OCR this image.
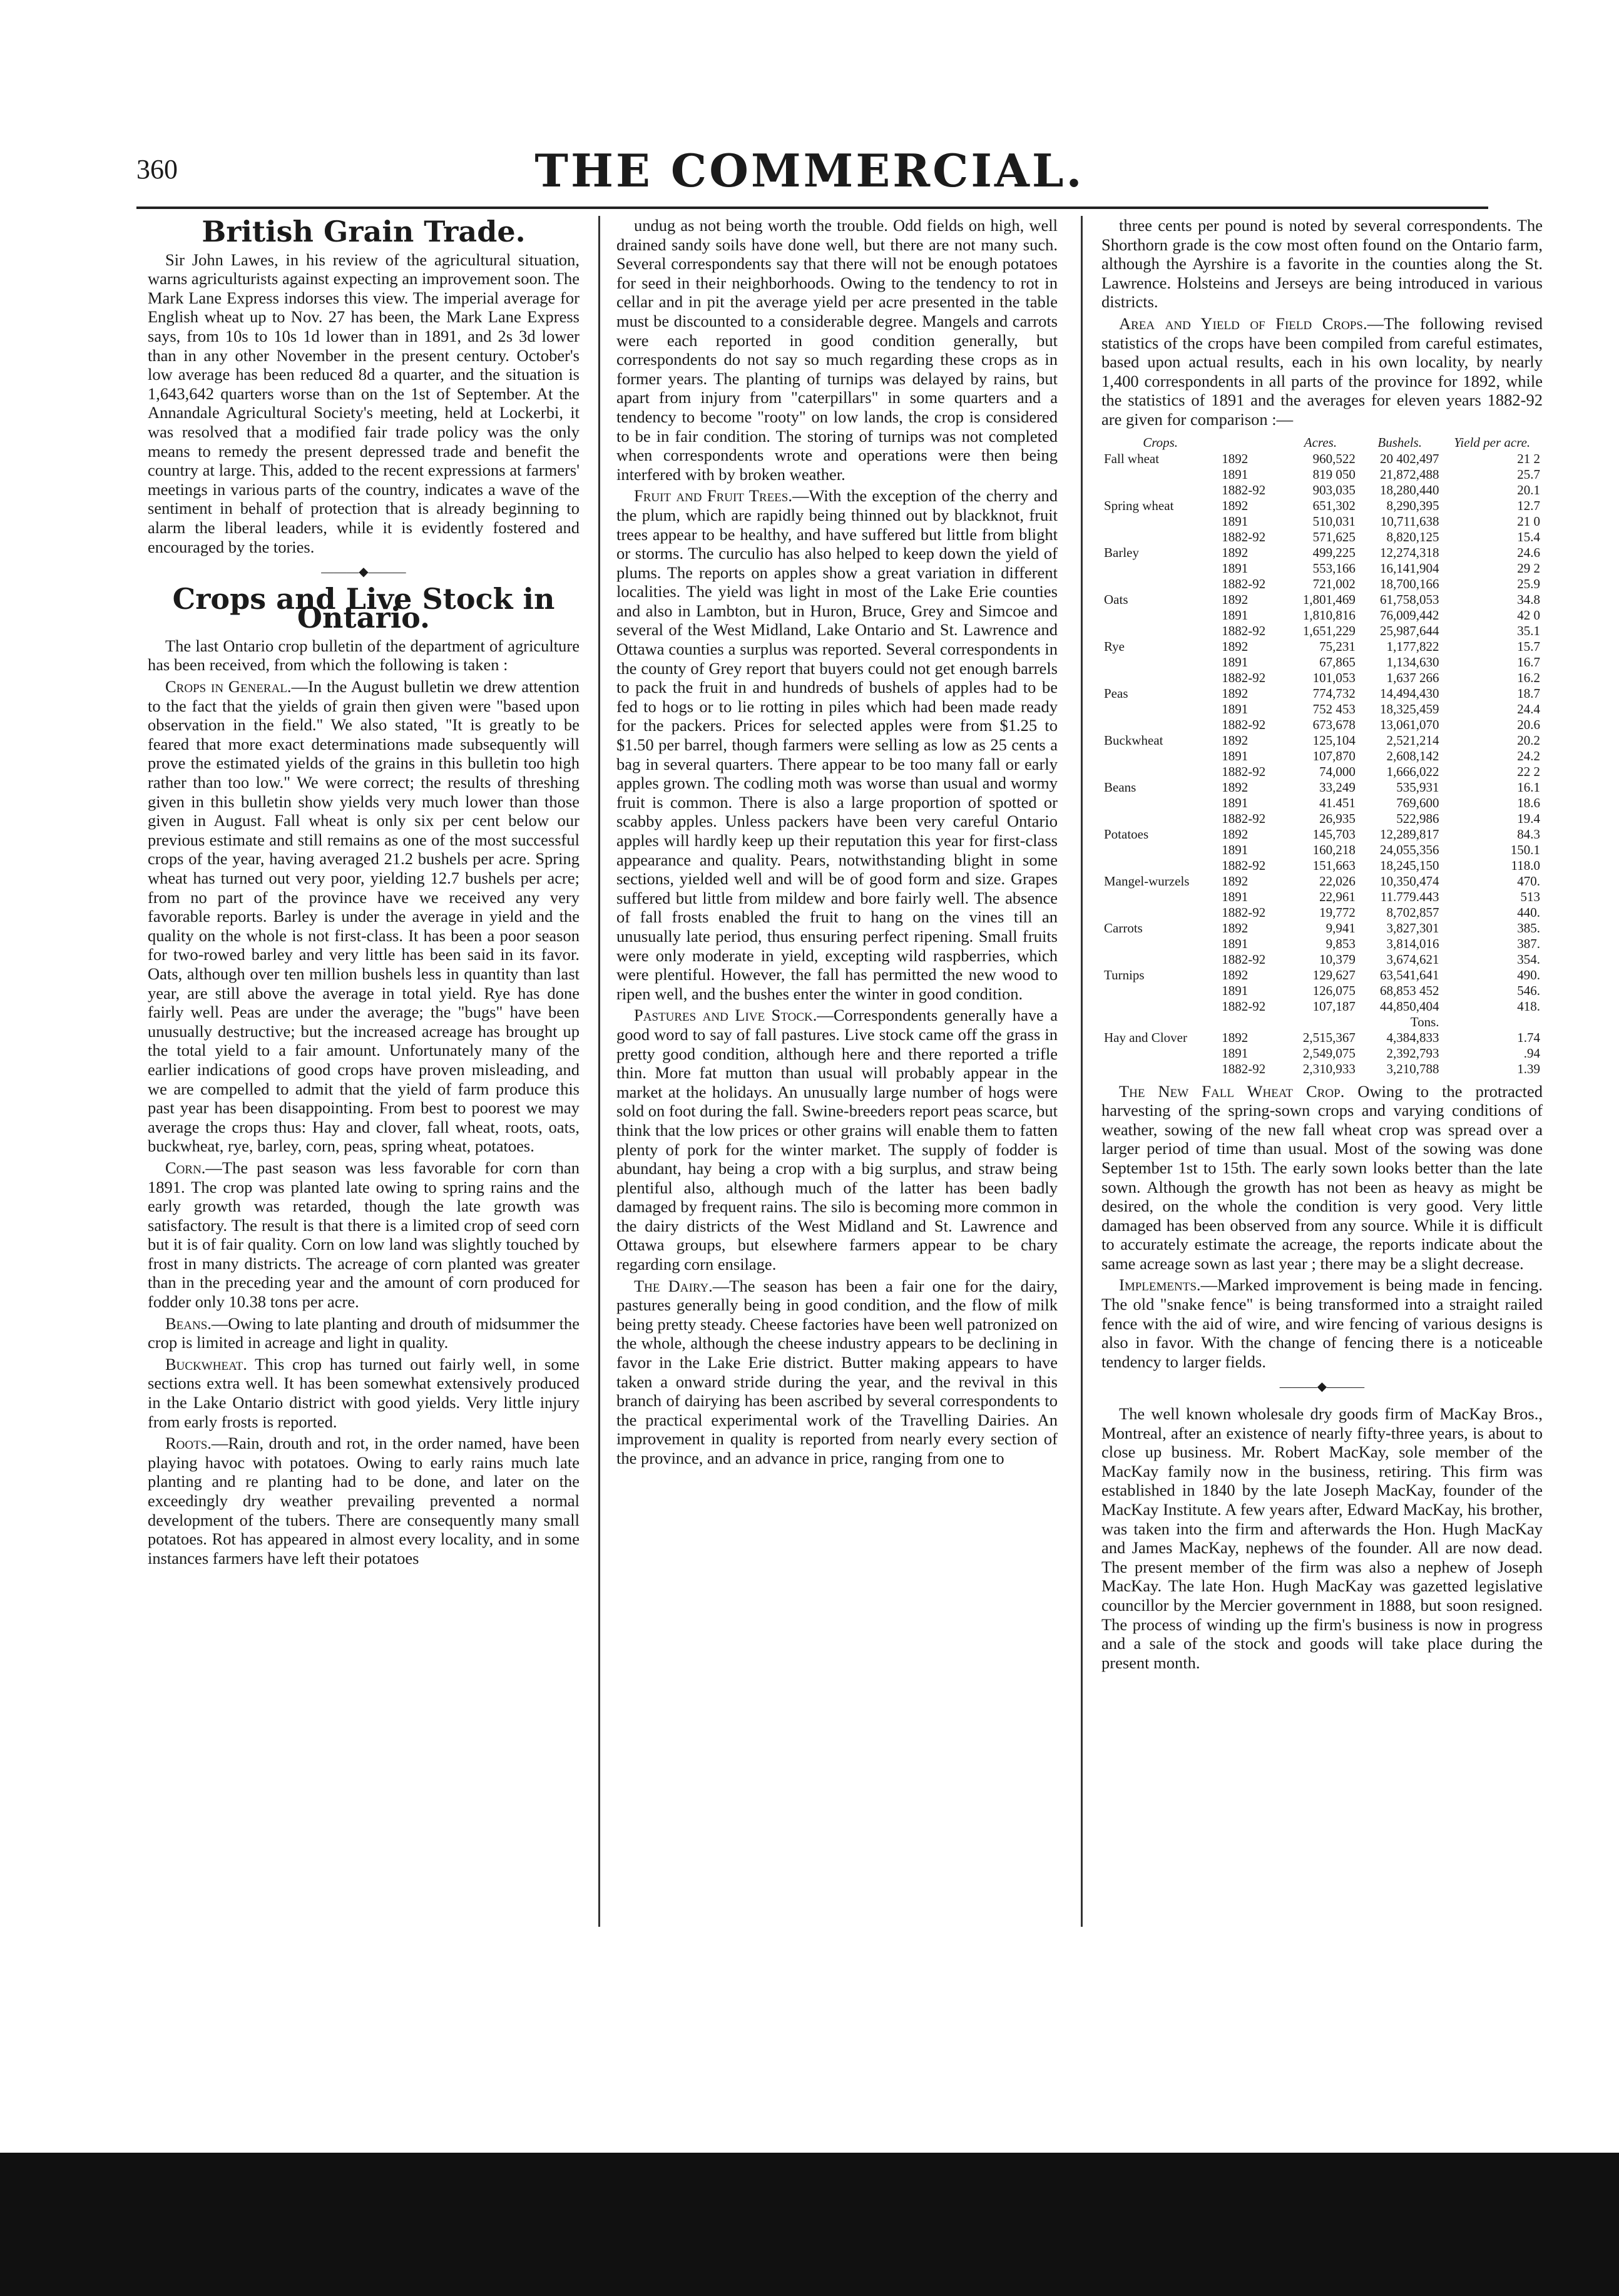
360	THE COMMERCIAL.
British Grain Trade.

Sir John Lawes, in his review of the agricultural situation, warns agriculturists against expecting an improvement soon. The Mark Lane Express indorses this view. The imperial average for English wheat up to Nov. 27 has been, the Mark Lane Express says, from 10s to 10s 1d lower than in 1891, and 2s 3d lower than in any other November in the present century. October's low average has been reduced 8d a quarter, and the situation is 1,643,642 quarters worse than on the 1st of September. At the Annandale Agricultural Society's meeting, held at Lockerbi, it was resolved that a modified fair trade policy was the only means to remedy the present depressed trade and benefit the country at large. This, added to the recent expressions at farmers' meetings in various parts of the country, indicates a wave of the sentiment in behalf of protection that is already beginning to alarm the liberal leaders, while it is evidently fostered and encouraged by the tories.

———◆———
Crops and Live Stock in Ontario.

The last Ontario crop bulletin of the department of agriculture has been received, from which the following is taken :

Crops in General.—In the August bulletin we drew attention to the fact that the yields of grain then given were "based upon observation in the field." We also stated, "It is greatly to be feared that more exact determinations made subsequently will prove the estimated yields of the grains in this bulletin too high rather than too low." We were correct; the results of threshing given in this bulletin show yields very much lower than those given in August. Fall wheat is only six per cent below our previous estimate and still remains as one of the most successful crops of the year, having averaged 21.2 bushels per acre. Spring wheat has turned out very poor, yielding 12.7 bushels per acre; from no part of the province have we received any very favorable reports. Barley is under the average in yield and the quality on the whole is not first-class. It has been a poor season for two-rowed barley and very little has been said in its favor. Oats, although over ten million bushels less in quantity than last year, are still above the average in total yield. Rye has done fairly well. Peas are under the average; the "bugs" have been unusually destructive; but the increased acreage has brought up the total yield to a fair amount. Unfortunately many of the earlier indications of good crops have proven misleading, and we are compelled to admit that the yield of farm produce this past year has been disappointing. From best to poorest we may average the crops thus: Hay and clover, fall wheat, roots, oats, buckwheat, rye, barley, corn, peas, spring wheat, potatoes.

Corn.—The past season was less favorable for corn than 1891. The crop was planted late owing to spring rains and the early growth was retarded, though the late growth was satisfactory. The result is that there is a limited crop of seed corn but it is of fair quality. Corn on low land was slightly touched by frost in many districts. The acreage of corn planted was greater than in the preceding year and the amount of corn produced for fodder only 10.38 tons per acre.

Beans.—Owing to late planting and drouth of midsummer the crop is limited in acreage and light in quality.

Buckwheat. This crop has turned out fairly well, in some sections extra well. It has been somewhat extensively produced in the Lake Ontario district with good yields. Very little injury from early frosts is reported.

Roots.—Rain, drouth and rot, in the order named, have been playing havoc with potatoes. Owing to early rains much late planting and re planting had to be done, and later on the exceedingly dry weather prevailing prevented a normal development of the tubers. There are consequently many small potatoes. Rot has appeared in almost every locality, and in some instances farmers have left their potatoes

undug as not being worth the trouble. Odd fields on high, well drained sandy soils have done well, but there are not many such. Several correspondents say that there will not be enough potatoes for seed in their neighborhoods. Owing to the tendency to rot in cellar and in pit the average yield per acre presented in the table must be discounted to a considerable degree. Mangels and carrots were each reported in good condition generally, but correspondents do not say so much regarding these crops as in former years. The planting of turnips was delayed by rains, but apart from injury from "caterpillars" in some quarters and a tendency to become "rooty" on low lands, the crop is considered to be in fair condition. The storing of turnips was not completed when correspondents wrote and operations were then being interfered with by broken weather.

Fruit and Fruit Trees.—With the exception of the cherry and the plum, which are rapidly being thinned out by blackknot, fruit trees appear to be healthy, and have suffered but little from blight or storms. The curculio has also helped to keep down the yield of plums. The reports on apples show a great variation in different localities. The yield was light in most of the Lake Erie counties and also in Lambton, but in Huron, Bruce, Grey and Simcoe and several of the West Midland, Lake Ontario and St. Lawrence and Ottawa counties a surplus was reported. Several correspondents in the county of Grey report that buyers could not get enough barrels to pack the fruit in and hundreds of bushels of apples had to be fed to hogs or to lie rotting in piles which had been made ready for the packers. Prices for selected apples were from $1.25 to $1.50 per barrel, though farmers were selling as low as 25 cents a bag in several quarters. There appear to be too many fall or early apples grown. The codling moth was worse than usual and wormy fruit is common. There is also a large proportion of spotted or scabby apples. Unless packers have been very careful Ontario apples will hardly keep up their reputation this year for first-class appearance and quality. Pears, notwithstanding blight in some sections, yielded well and will be of good form and size. Grapes suffered but little from mildew and bore fairly well. The absence of fall frosts enabled the fruit to hang on the vines till an unusually late period, thus ensuring perfect ripening. Small fruits were only moderate in yield, excepting wild raspberries, which were plentiful. However, the fall has permitted the new wood to ripen well, and the bushes enter the winter in good condition.

Pastures and Live Stock.—Correspondents generally have a good word to say of fall pastures. Live stock came off the grass in pretty good condition, although here and there reported a trifle thin. More fat mutton than usual will probably appear in the market at the holidays. An unusually large number of hogs were sold on foot during the fall. Swine-breeders report peas scarce, but think that the low prices or other grains will enable them to fatten plenty of pork for the winter market. The supply of fodder is abundant, hay being a crop with a big surplus, and straw being plentiful also, although much of the latter has been badly damaged by frequent rains. The silo is becoming more common in the dairy districts of the West Midland and St. Lawrence and Ottawa groups, but elsewhere farmers appear to be chary regarding corn ensilage.

The Dairy.—The season has been a fair one for the dairy, pastures generally being in good condition, and the flow of milk being pretty steady. Cheese factories have been well patronized on the whole, although the cheese industry appears to be declining in favor in the Lake Erie district. Butter making appears to have taken a onward stride during the year, and the revival in this branch of dairying has been ascribed by several correspondents to the practical experimental work of the Travelling Dairies. An improvement in quality is reported from nearly every section of the province, and an advance in price, ranging from one to

three cents per pound is noted by several correspondents. The Shorthorn grade is the cow most often found on the Ontario farm, although the Ayrshire is a favorite in the counties along the St. Lawrence. Holsteins and Jerseys are being introduced in various districts.

Area and Yield of Field Crops.—The following revised statistics of the crops have been compiled from careful estimates, based upon actual results, each in his own locality, by nearly 1,400 correspondents in all parts of the province for 1892, while the statistics of 1891 and the averages for eleven years 1882-92 are given for comparison :—

Crops.		Acres.	Bushels.	Yield per acre.
Fall wheat	1892	960,522	20 402,497	21 2
	1891	819 050	21,872,488	25.7
	1882-92	903,035	18,280,440	20.1
Spring wheat	1892	651,302	8,290,395	12.7
	1891	510,031	10,711,638	21 0
	1882-92	571,625	8,820,125	15.4
Barley	1892	499,225	12,274,318	24.6
	1891	553,166	16,141,904	29 2
	1882-92	721,002	18,700,166	25.9
Oats	1892	1,801,469	61,758,053	34.8
	1891	1,810,816	76,009,442	42 0
	1882-92	1,651,229	25,987,644	35.1
Rye	1892	75,231	1,177,822	15.7
	1891	67,865	1,134,630	16.7
	1882-92	101,053	1,637 266	16.2
Peas	1892	774,732	14,494,430	18.7
	1891	752 453	18,325,459	24.4
	1882-92	673,678	13,061,070	20.6
Buckwheat	1892	125,104	2,521,214	20.2
	1891	107,870	2,608,142	24.2
	1882-92	74,000	1,666,022	22 2
Beans	1892	33,249	535,931	16.1
	1891	41.451	769,600	18.6
	1882-92	26,935	522,986	19.4
Potatoes	1892	145,703	12,289,817	84.3
	1891	160,218	24,055,356	150.1
	1882-92	151,663	18,245,150	118.0
Mangel-wurzels	1892	22,026	10,350,474	470.
	1891	22,961	11.779.443	513
	1882-92	19,772	8,702,857	440.
Carrots	1892	9,941	3,827,301	385.
	1891	9,853	3,814,016	387.
	1882-92	10,379	3,674,621	354.
Turnips	1892	129,627	63,541,641	490.
	1891	126,075	68,853 452	546.
	1882-92	107,187	44,850,404	418.
			Tons.	
Hay and Clover	1892	2,515,367	4,384,833	1.74
	1891	2,549,075	2,392,793	.94
	1882-92	2,310,933	3,210,788	1.39

The New Fall Wheat Crop. Owing to the protracted harvesting of the spring-sown crops and varying conditions of weather, sowing of the new fall wheat crop was spread over a larger period of time than usual. Most of the sowing was done September 1st to 15th. The early sown looks better than the late sown. Although the growth has not been as heavy as might be desired, on the whole the condition is very good. Very little damaged has been observed from any source. While it is difficult to accurately estimate the acreage, the reports indicate about the same acreage sown as last year ; there may be a slight decrease.

Implements.—Marked improvement is being made in fencing. The old "snake fence" is being transformed into a straight railed fence with the aid of wire, and wire fencing of various designs is also in favor. With the change of fencing there is a noticeable tendency to larger fields.

———◆———

The well known wholesale dry goods firm of MacKay Bros., Montreal, after an existence of nearly fifty-three years, is about to close up business. Mr. Robert MacKay, sole member of the MacKay family now in the business, retiring. This firm was established in 1840 by the late Joseph MacKay, founder of the MacKay Institute. A few years after, Edward MacKay, his brother, was taken into the firm and afterwards the Hon. Hugh MacKay and James MacKay, nephews of the founder. All are now dead. The present member of the firm was also a nephew of Joseph MacKay. The late Hon. Hugh MacKay was gazetted legislative councillor by the Mercier government in 1888, but soon resigned. The process of winding up the firm's business is now in progress and a sale of the stock and goods will take place during the present month.
